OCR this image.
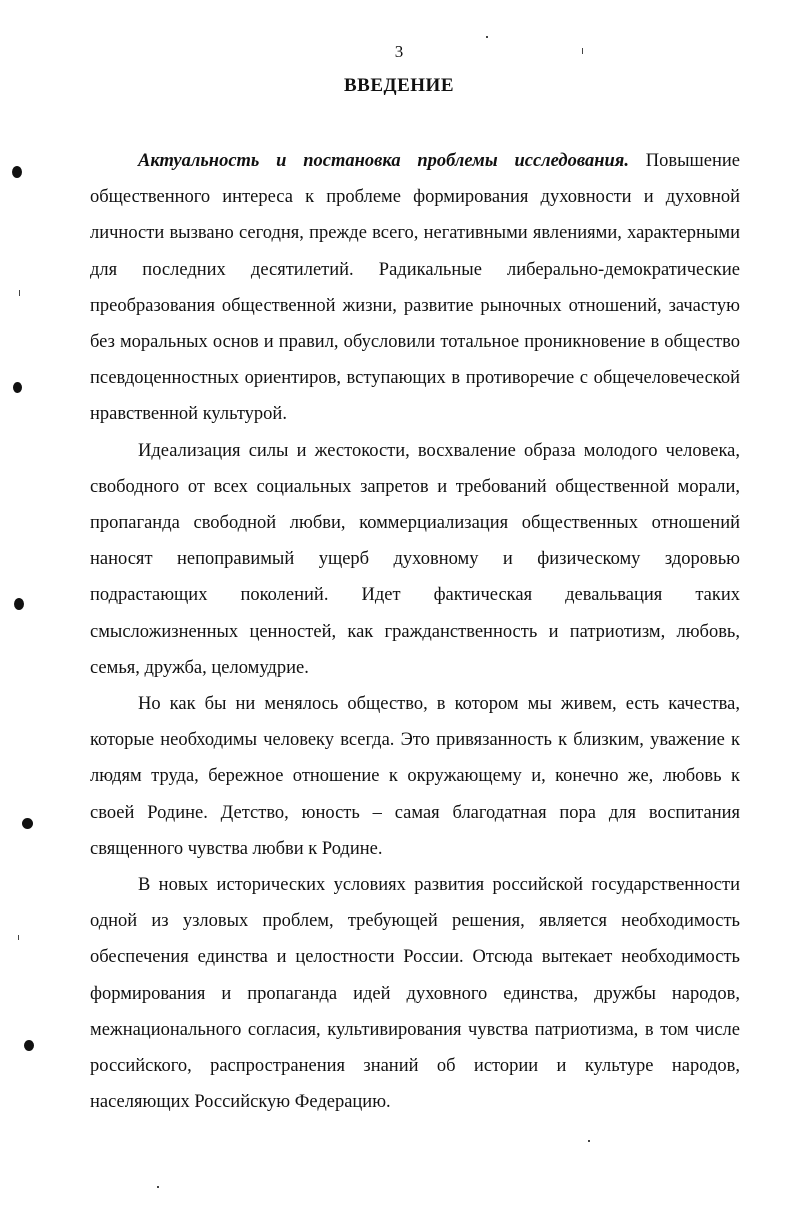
3
ВВЕДЕНИЕ

Актуальность и постановка проблемы исследования. Повышение общественного интереса к проблеме формирования духовности и духовной личности вызвано сегодня, прежде всего, негативными явлениями, характерными для последних десятилетий. Радикальные либерально-демократические преобразования общественной жизни, развитие рыночных отношений, зачастую без моральных основ и правил, обусловили тотальное проникновение в общество псевдоценностных ориентиров, вступающих в противоречие с общечеловеческой нравственной культурой.

Идеализация силы и жестокости, восхваление образа молодого человека, свободного от всех социальных запретов и требований общественной морали, пропаганда свободной любви, коммерциализация общественных отношений наносят непоправимый ущерб духовному и физическому здоровью подрастающих поколений. Идет фактическая девальвация таких смысложизненных ценностей, как гражданственность и патриотизм, любовь, семья, дружба, целомудрие.

Но как бы ни менялось общество, в котором мы живем, есть качества, которые необходимы человеку всегда. Это привязанность к близким, уважение к людям труда, бережное отношение к окружающему и, конечно же, любовь к своей Родине. Детство, юность – самая благодатная пора для воспитания священного чувства любви к Родине.

В новых исторических условиях развития российской государственности одной из узловых проблем, требующей решения, является необходимость обеспечения единства и целостности России. Отсюда вытекает необходимость формирования и пропаганда идей духовного единства, дружбы народов, межнационального согласия, культивирования чувства патриотизма, в том числе российского, распространения знаний об истории и культуре народов, населяющих Российскую Федерацию.
